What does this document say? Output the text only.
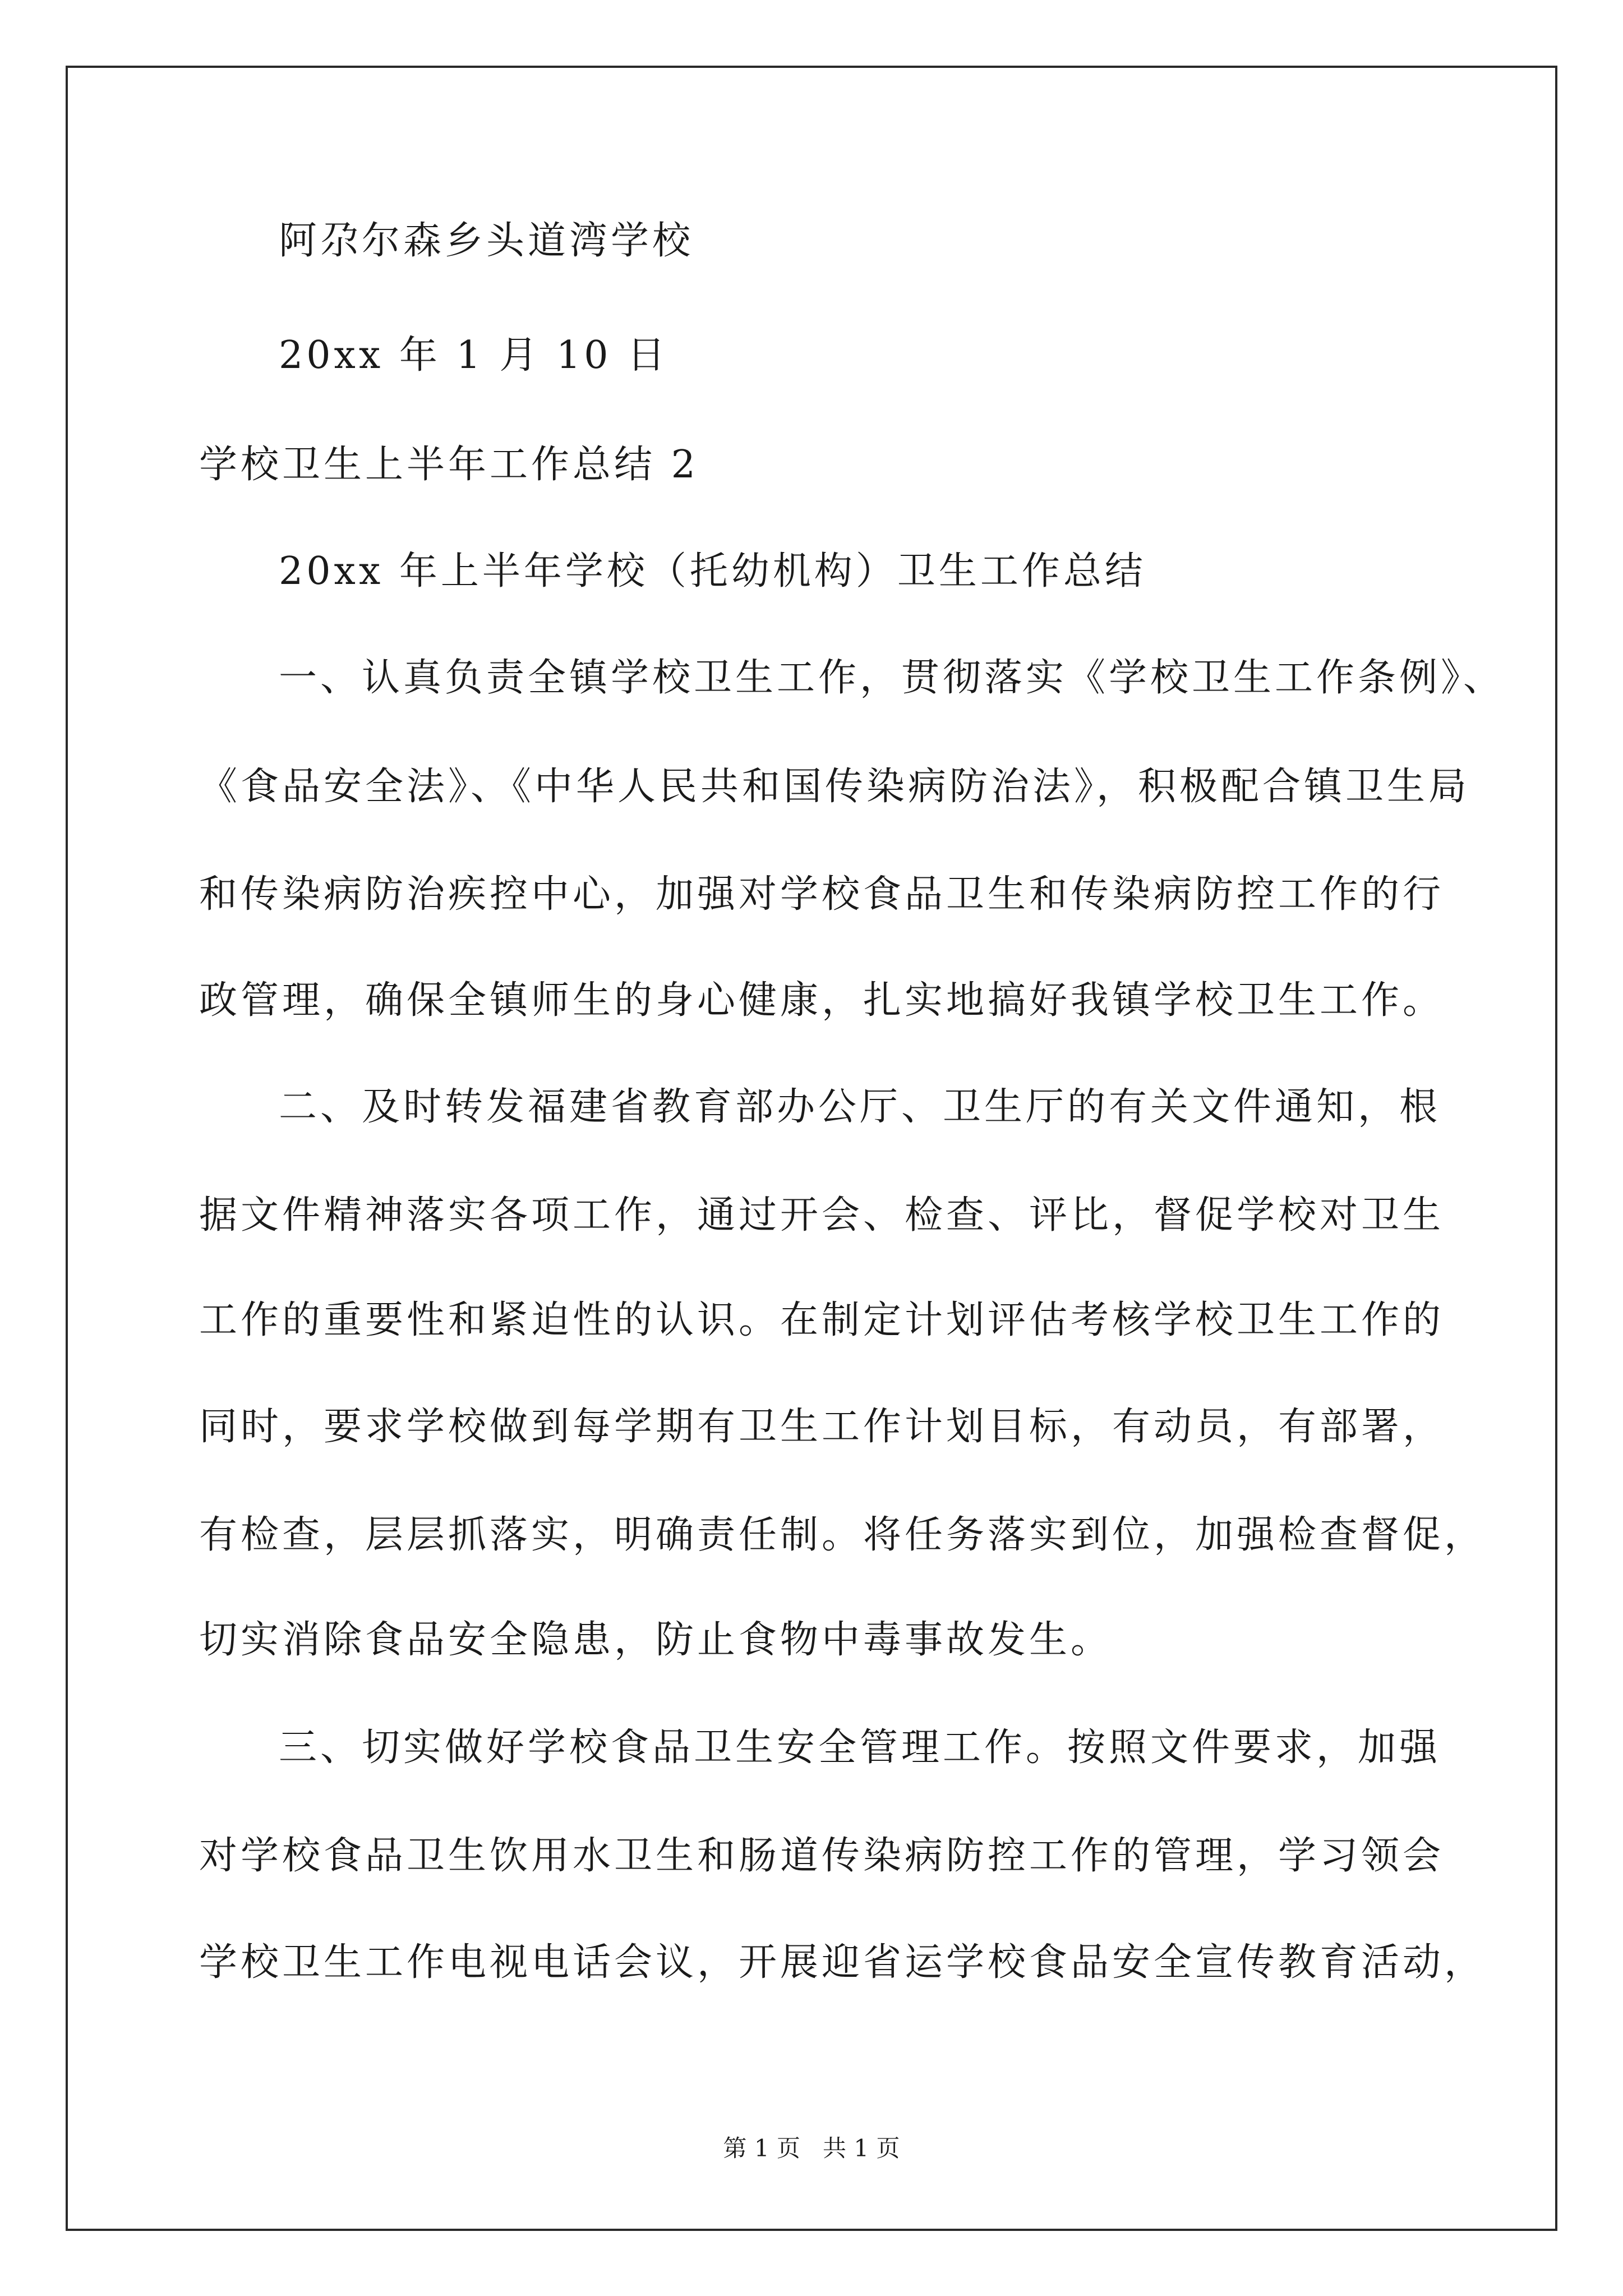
阿尕尔森乡头道湾学校
20xx 年 1 月 10 日
学校卫生上半年工作总结 2
20xx 年上半年学校（托幼机构）卫生工作总结
一、认真负责全镇学校卫生工作，贯彻落实《学校卫生工作条例》、
《食品安全法》、《中华人民共和国传染病防治法》，积极配合镇卫生局
和传染病防治疾控中心，加强对学校食品卫生和传染病防控工作的行
政管理，确保全镇师生的身心健康，扎实地搞好我镇学校卫生工作。
二、及时转发福建省教育部办公厅、卫生厅的有关文件通知，根
据文件精神落实各项工作，通过开会、检查、评比，督促学校对卫生
工作的重要性和紧迫性的认识。在制定计划评估考核学校卫生工作的
同时，要求学校做到每学期有卫生工作计划目标，有动员，有部署，
有检查，层层抓落实，明确责任制。将任务落实到位，加强检查督促，
切实消除食品安全隐患，防止食物中毒事故发生。
三、切实做好学校食品卫生安全管理工作。按照文件要求，加强
对学校食品卫生饮用水卫生和肠道传染病防控工作的管理，学习领会
学校卫生工作电视电话会议，开展迎省运学校食品安全宣传教育活动，
第 1 页   共 1 页
